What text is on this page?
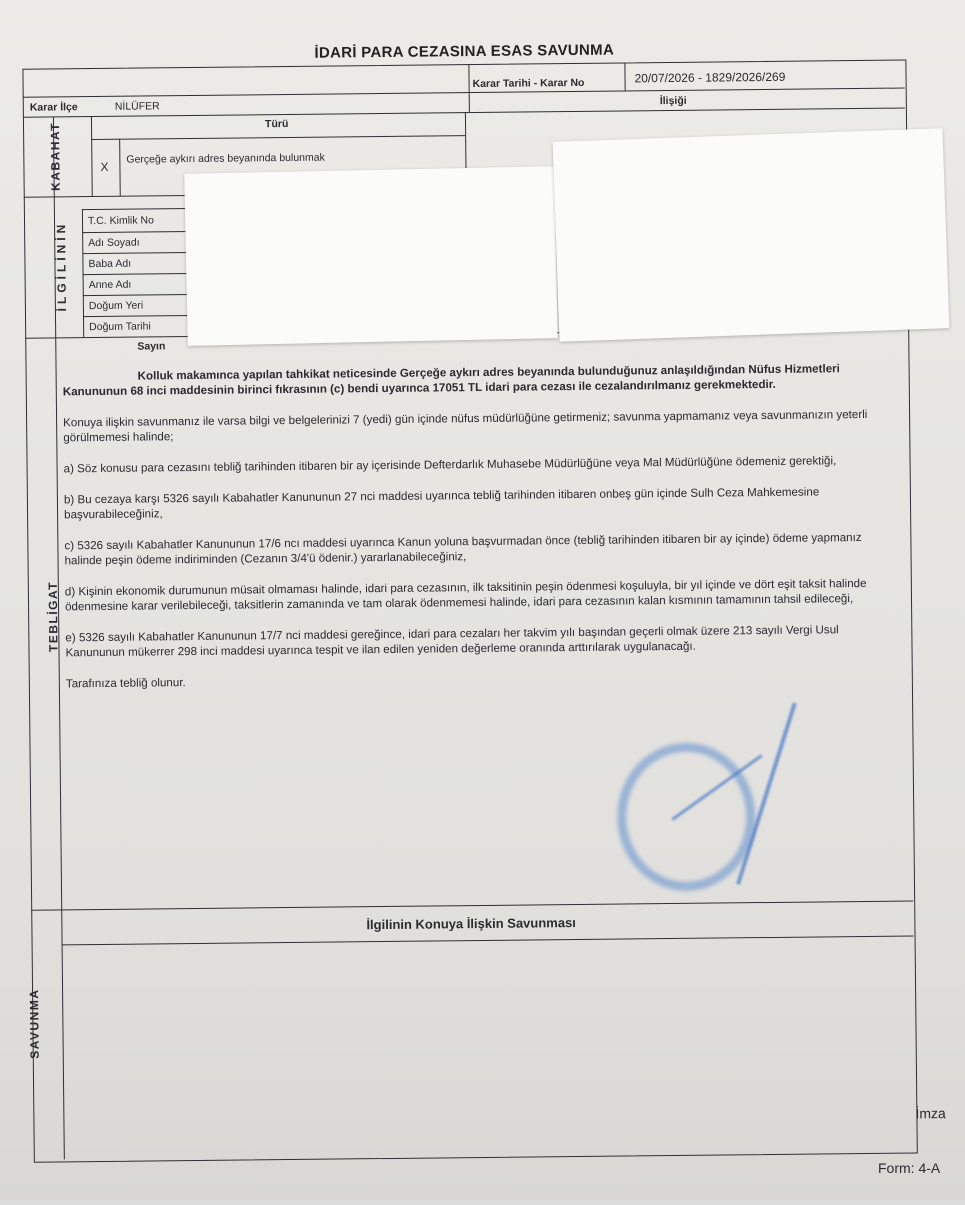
İDARİ PARA CEZASINA ESAS SAVUNMA
Karar İlçe	NİLÜFER
Karar Tarihi - Karar No	20/07/2026 - 1829/2026/269
İlişiği
KABAHAT	Türü
X
Gerçeğe aykırı adres beyanında bulunmak
İLGİLİNİN T.C. Kimlik No
Adı Soyadı
Baba Adı
Anne Adı
Doğum Yeri
Doğum Tarihi
Sayın
TEBLİGAT

Kolluk makamınca yapılan tahkikat neticesinde Gerçeğe aykırı adres beyanında bulunduğunuz anlaşıldığından Nüfus Hizmetleri Kanununun 68 inci maddesinin birinci fıkrasının (c) bendi uyarınca 17051 TL idari para cezası ile cezalandırılmanız gerekmektedir.

Konuya ilişkin savunmanız ile varsa bilgi ve belgelerinizi 7 (yedi) gün içinde nüfus müdürlüğüne getirmeniz; savunma yapmamanız veya savunmanızın yeterli görülmemesi halinde;

a) Söz konusu para cezasını tebliğ tarihinden itibaren bir ay içerisinde Defterdarlık Muhasebe Müdürlüğüne veya Mal Müdürlüğüne ödemeniz gerektiği,

b) Bu cezaya karşı 5326 sayılı Kabahatler Kanununun 27 nci maddesi uyarınca tebliğ tarihinden itibaren onbeş gün içinde Sulh Ceza Mahkemesine başvurabileceğiniz,

c) 5326 sayılı Kabahatler Kanununun 17/6 ncı maddesi uyarınca Kanun yoluna başvurmadan önce (tebliğ tarihinden itibaren bir ay içinde) ödeme yapmanız halinde peşin ödeme indiriminden (Cezanın 3/4'ü ödenir.) yararlanabileceğiniz,

d) Kişinin ekonomik durumunun müsait olmaması halinde, idari para cezasının, ilk taksitinin peşin ödenmesi koşuluyla, bir yıl içinde ve dört eşit taksit halinde ödenmesine karar verilebileceği, taksitlerin zamanında ve tam olarak ödenmemesi halinde, idari para cezasının kalan kısmının tamamının tahsil edileceği,

e) 5326 sayılı Kabahatler Kanununun 17/7 nci maddesi gereğince, idari para cezaları her takvim yılı başından geçerli olmak üzere 213 sayılı Vergi Usul Kanununun mükerrer 298 inci maddesi uyarınca tespit ve ilan edilen yeniden değerleme oranında arttırılarak uygulanacağı.

Tarafınıza tebliğ olunur.

İlgilinin Konuya İlişkin Savunması
SAVUNMA
İmza
Form: 4-A
